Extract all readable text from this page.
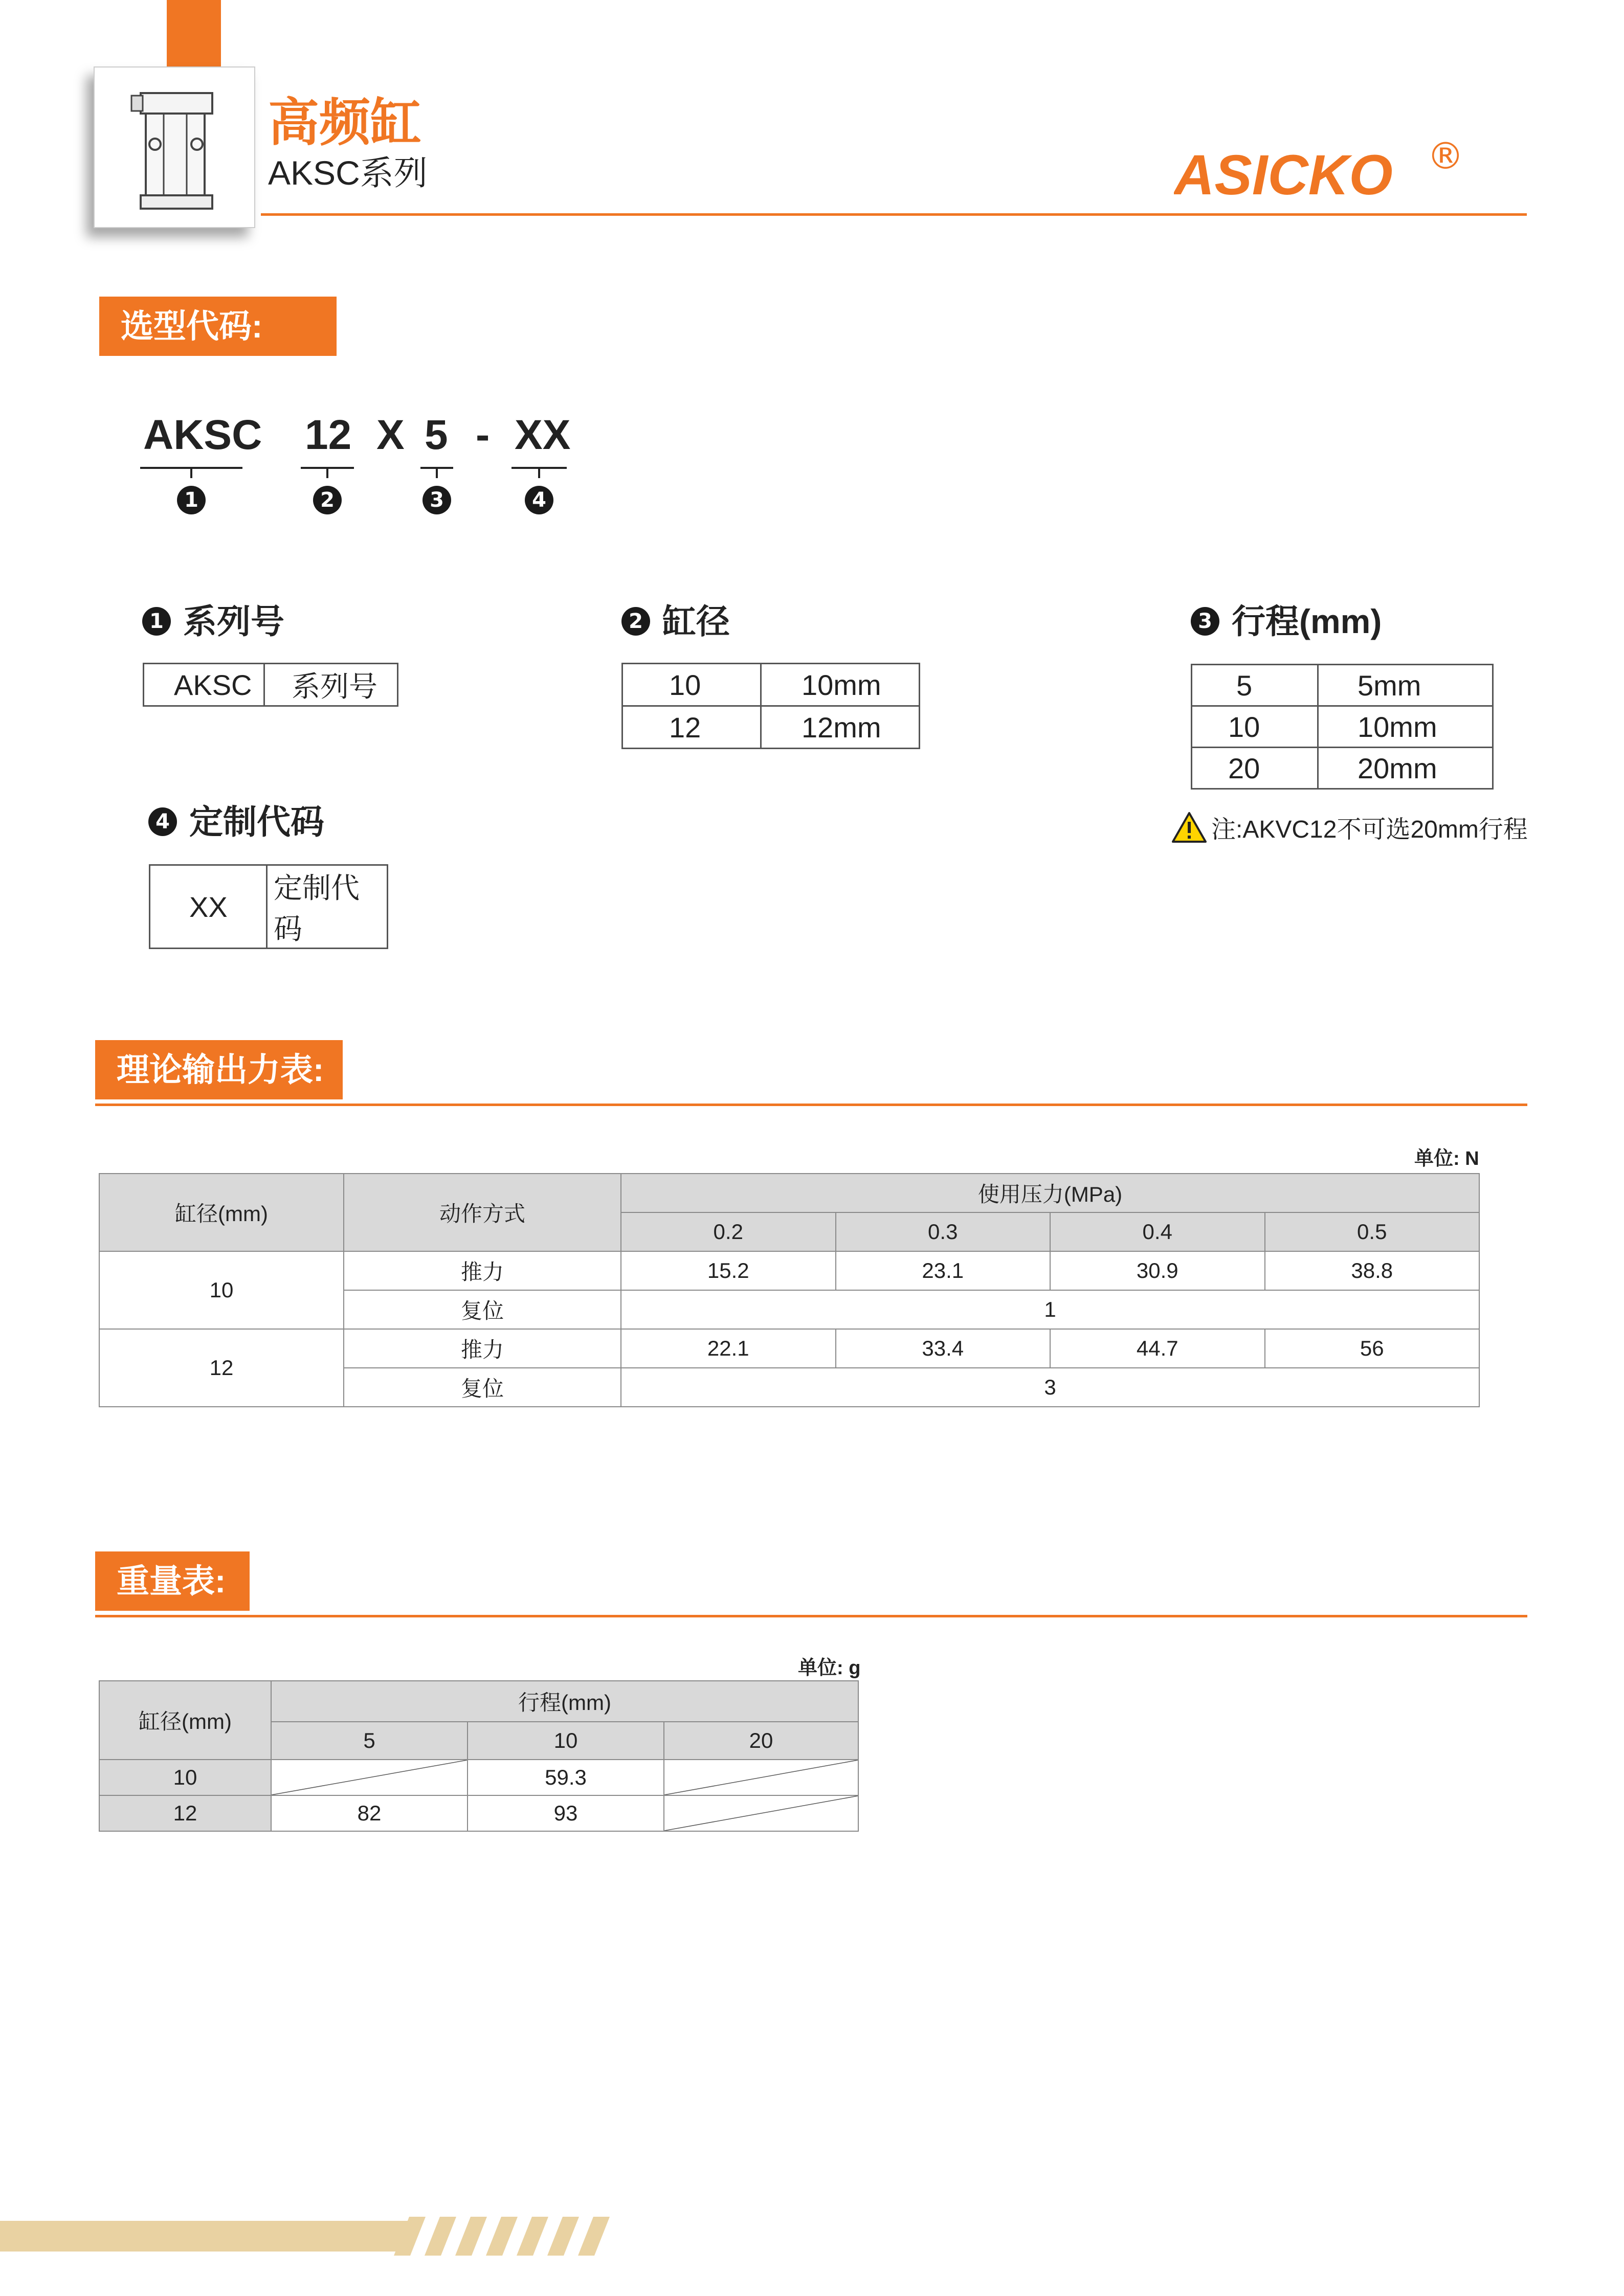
高频缸
AKSC系列	ASICKO ®
选型代码:
AKSC 12 X 5 - XX
1	2	3	4
1 系列号
AKSC	系列号
2 缸径
10	10mm
12	12mm
3 行程(mm)
5	5mm
10	10mm
20	20mm
注:AKVC12不可选20mm行程
4 定制代码
XX	定制代码
理论输出力表:
单位: N
缸径(mm)	动作方式	使用压力(MPa)			
		0.2	0.3	0.4	0.5
10	推力	15.2	23.1	30.9	38.8
	复位	1			
12	推力	22.1	33.4	44.7	56
	复位	3			
重量表:
单位: g
缸径(mm)	行程(mm)		
	5	10	20
10		59.3	

12	82	93	
